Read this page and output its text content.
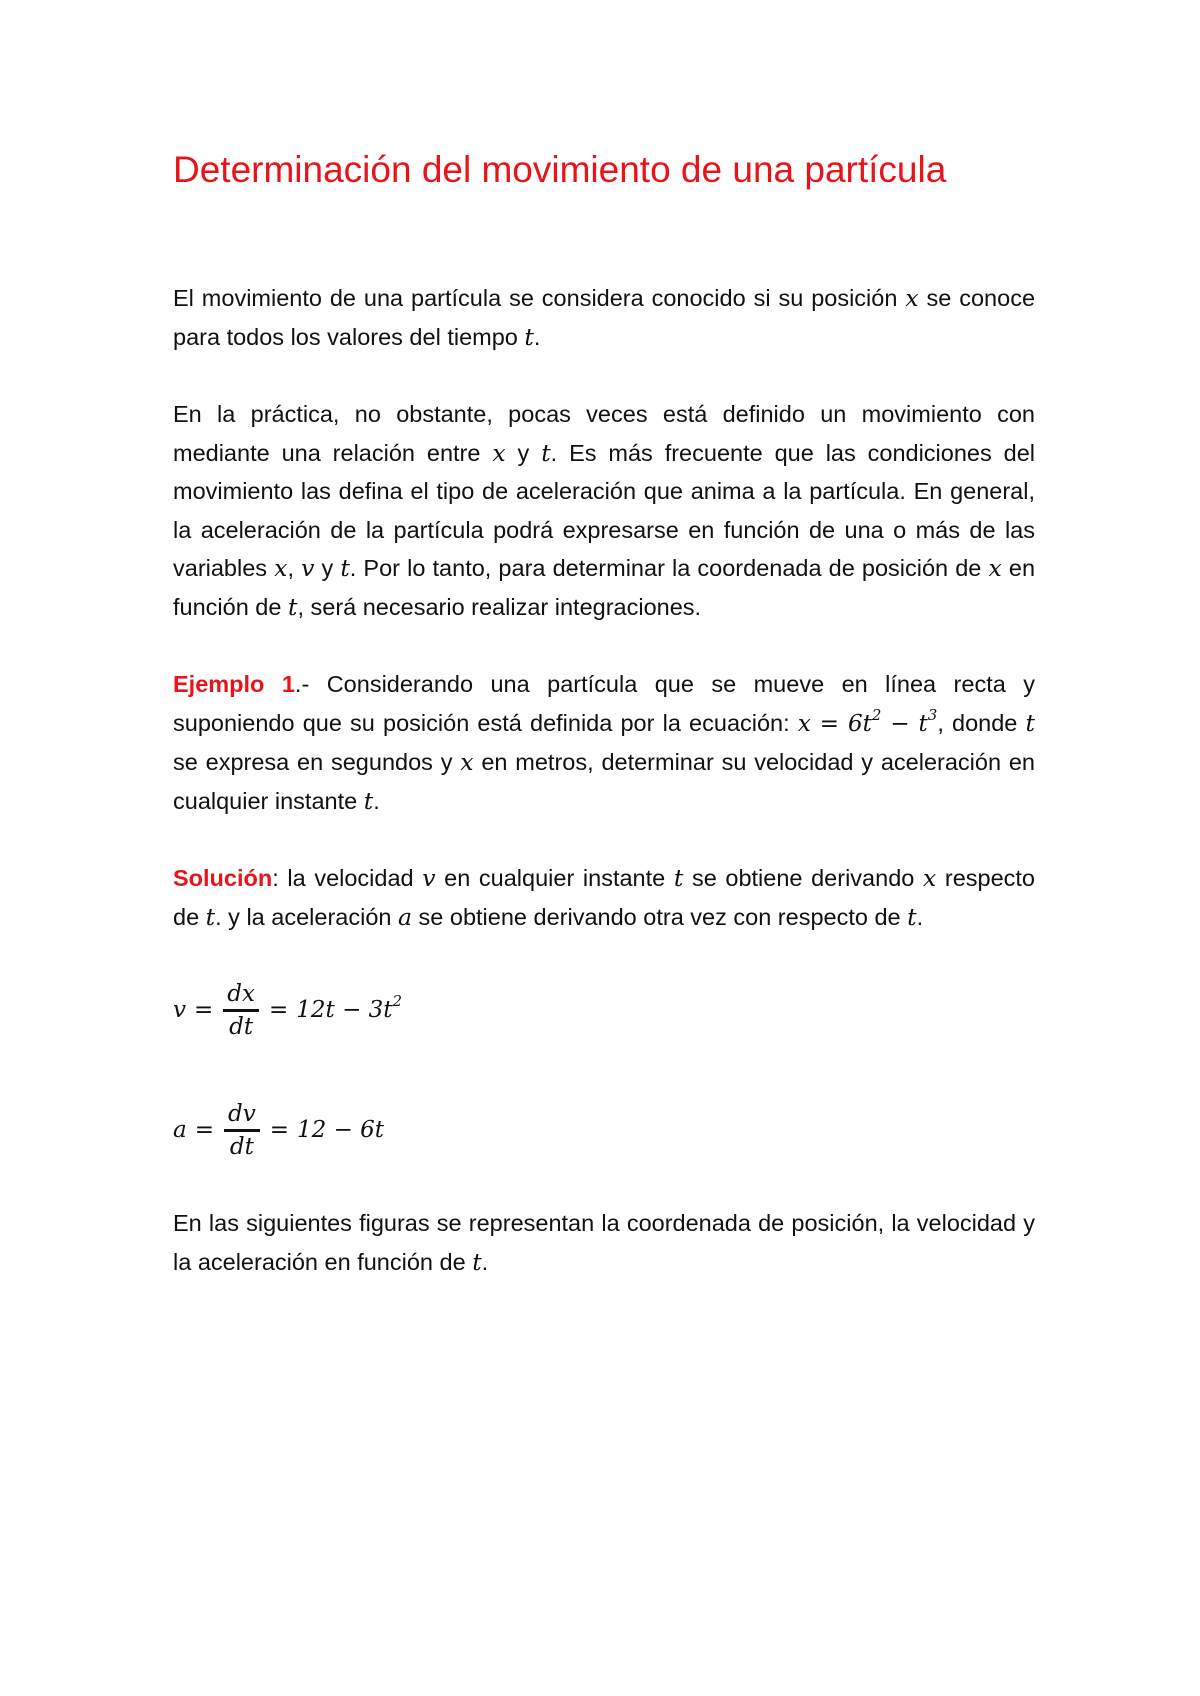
Determinación del movimiento de una partícula

El movimiento de una partícula se considera conocido si su posición x se conoce para todos los valores del tiempo t.

En la práctica, no obstante, pocas veces está definido un movimiento con mediante una relación entre x y t. Es más frecuente que las condiciones del movimiento las defina el tipo de aceleración que anima a la partícula. En general, la aceleración de la partícula podrá expresarse en función de una o más de las variables x, v y t. Por lo tanto, para determinar la coordenada de posición de x en función de t, será necesario realizar integraciones.

Ejemplo 1.- Considerando una partícula que se mueve en línea recta y suponiendo que su posición está definida por la ecuación: $x = 6t^2 - t^3$, donde t se expresa en segundos y x en metros, determinar su velocidad y aceleración en cualquier instante t.

Solución: la velocidad v en cualquier instante t se obtiene derivando x respecto de t. y la aceleración a se obtiene derivando otra vez con respecto de t.

$v = \frac{dx}{dt} = 12t - 3t^2$
$a = \frac{dv}{dt} = 12 - 6t$

En las siguientes figuras se representan la coordenada de posición, la velocidad y la aceleración en función de t.
